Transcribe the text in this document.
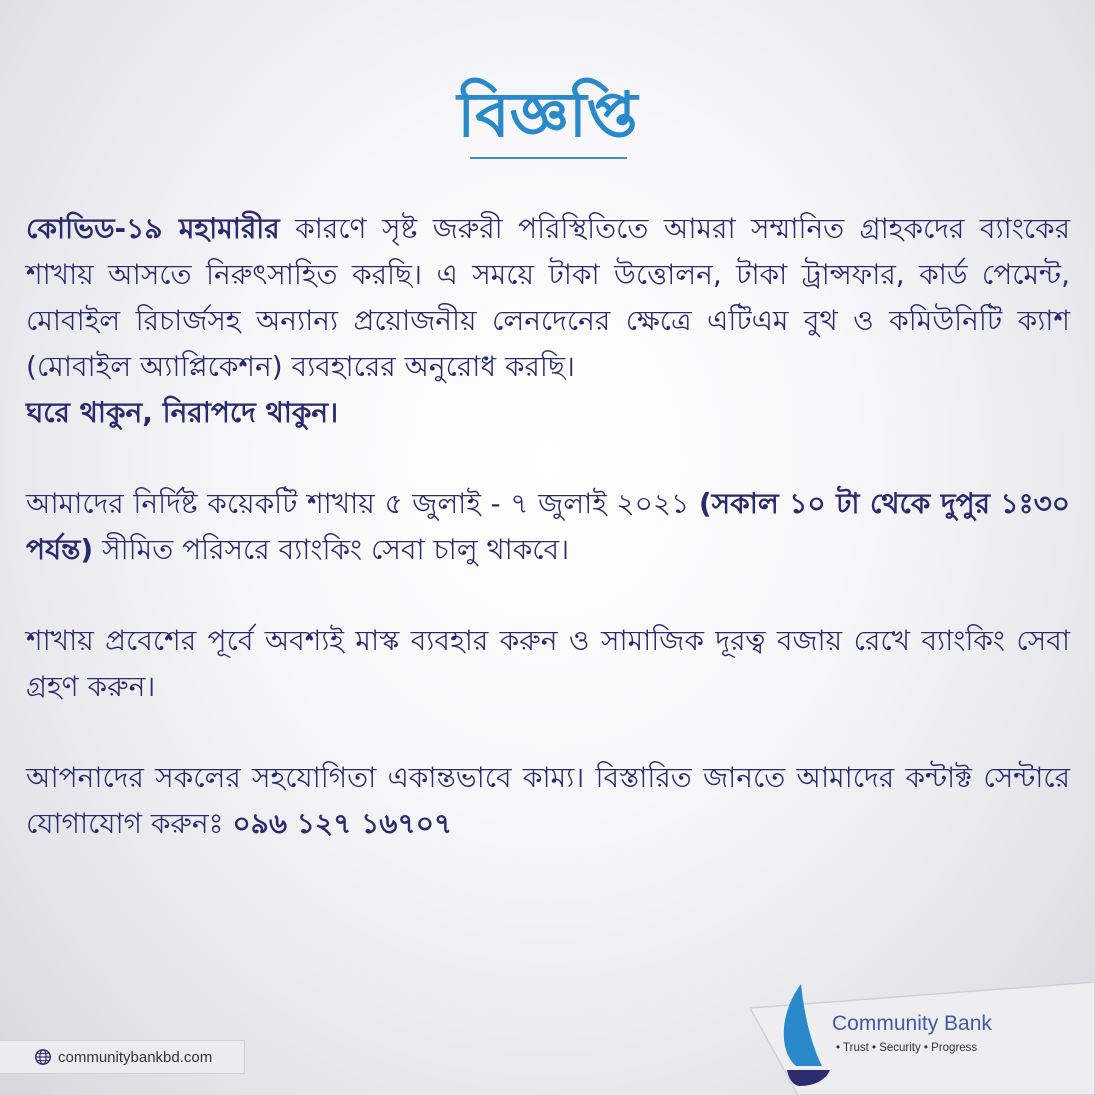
বিজ্ঞপ্তি

কোভিড-১৯ মহামারীর কারণে সৃষ্ট জরুরী পরিস্থিতিতে আমরা সম্মানিত গ্রাহকদের ব্যাংকের শাখায় আসতে নিরুৎসাহিত করছি। এ সময়ে টাকা উত্তোলন, টাকা ট্রান্সফার, কার্ড পেমেন্ট, মোবাইল রিচার্জসহ অন্যান্য প্রয়োজনীয় লেনদেনের ক্ষেত্রে এটিএম বুথ ও কমিউনিটি ক্যাশ (মোবাইল অ্যাপ্লিকেশন) ব্যবহারের অনুরোধ করছি।

ঘরে থাকুন, নিরাপদে থাকুন।

আমাদের নির্দিষ্ট কয়েকটি শাখায় ৫ জুলাই - ৭ জুলাই ২০২১ (সকাল ১০ টা থেকে দুপুর ১ঃ৩০ পর্যন্ত) সীমিত পরিসরে ব্যাংকিং সেবা চালু থাকবে।

শাখায় প্রবেশের পূর্বে অবশ্যই মাস্ক ব্যবহার করুন ও সামাজিক দূরত্ব বজায় রেখে ব্যাংকিং সেবা গ্রহণ করুন।

আপনাদের সকলের সহযোগিতা একান্তভাবে কাম্য। বিস্তারিত জানতে আমাদের কন্টাক্ট সেন্টারে যোগাযোগ করুনঃ ০৯৬ ১২৭ ১৬৭০৭

communitybankbd.com
Community Bank
• Trust • Security • Progress
